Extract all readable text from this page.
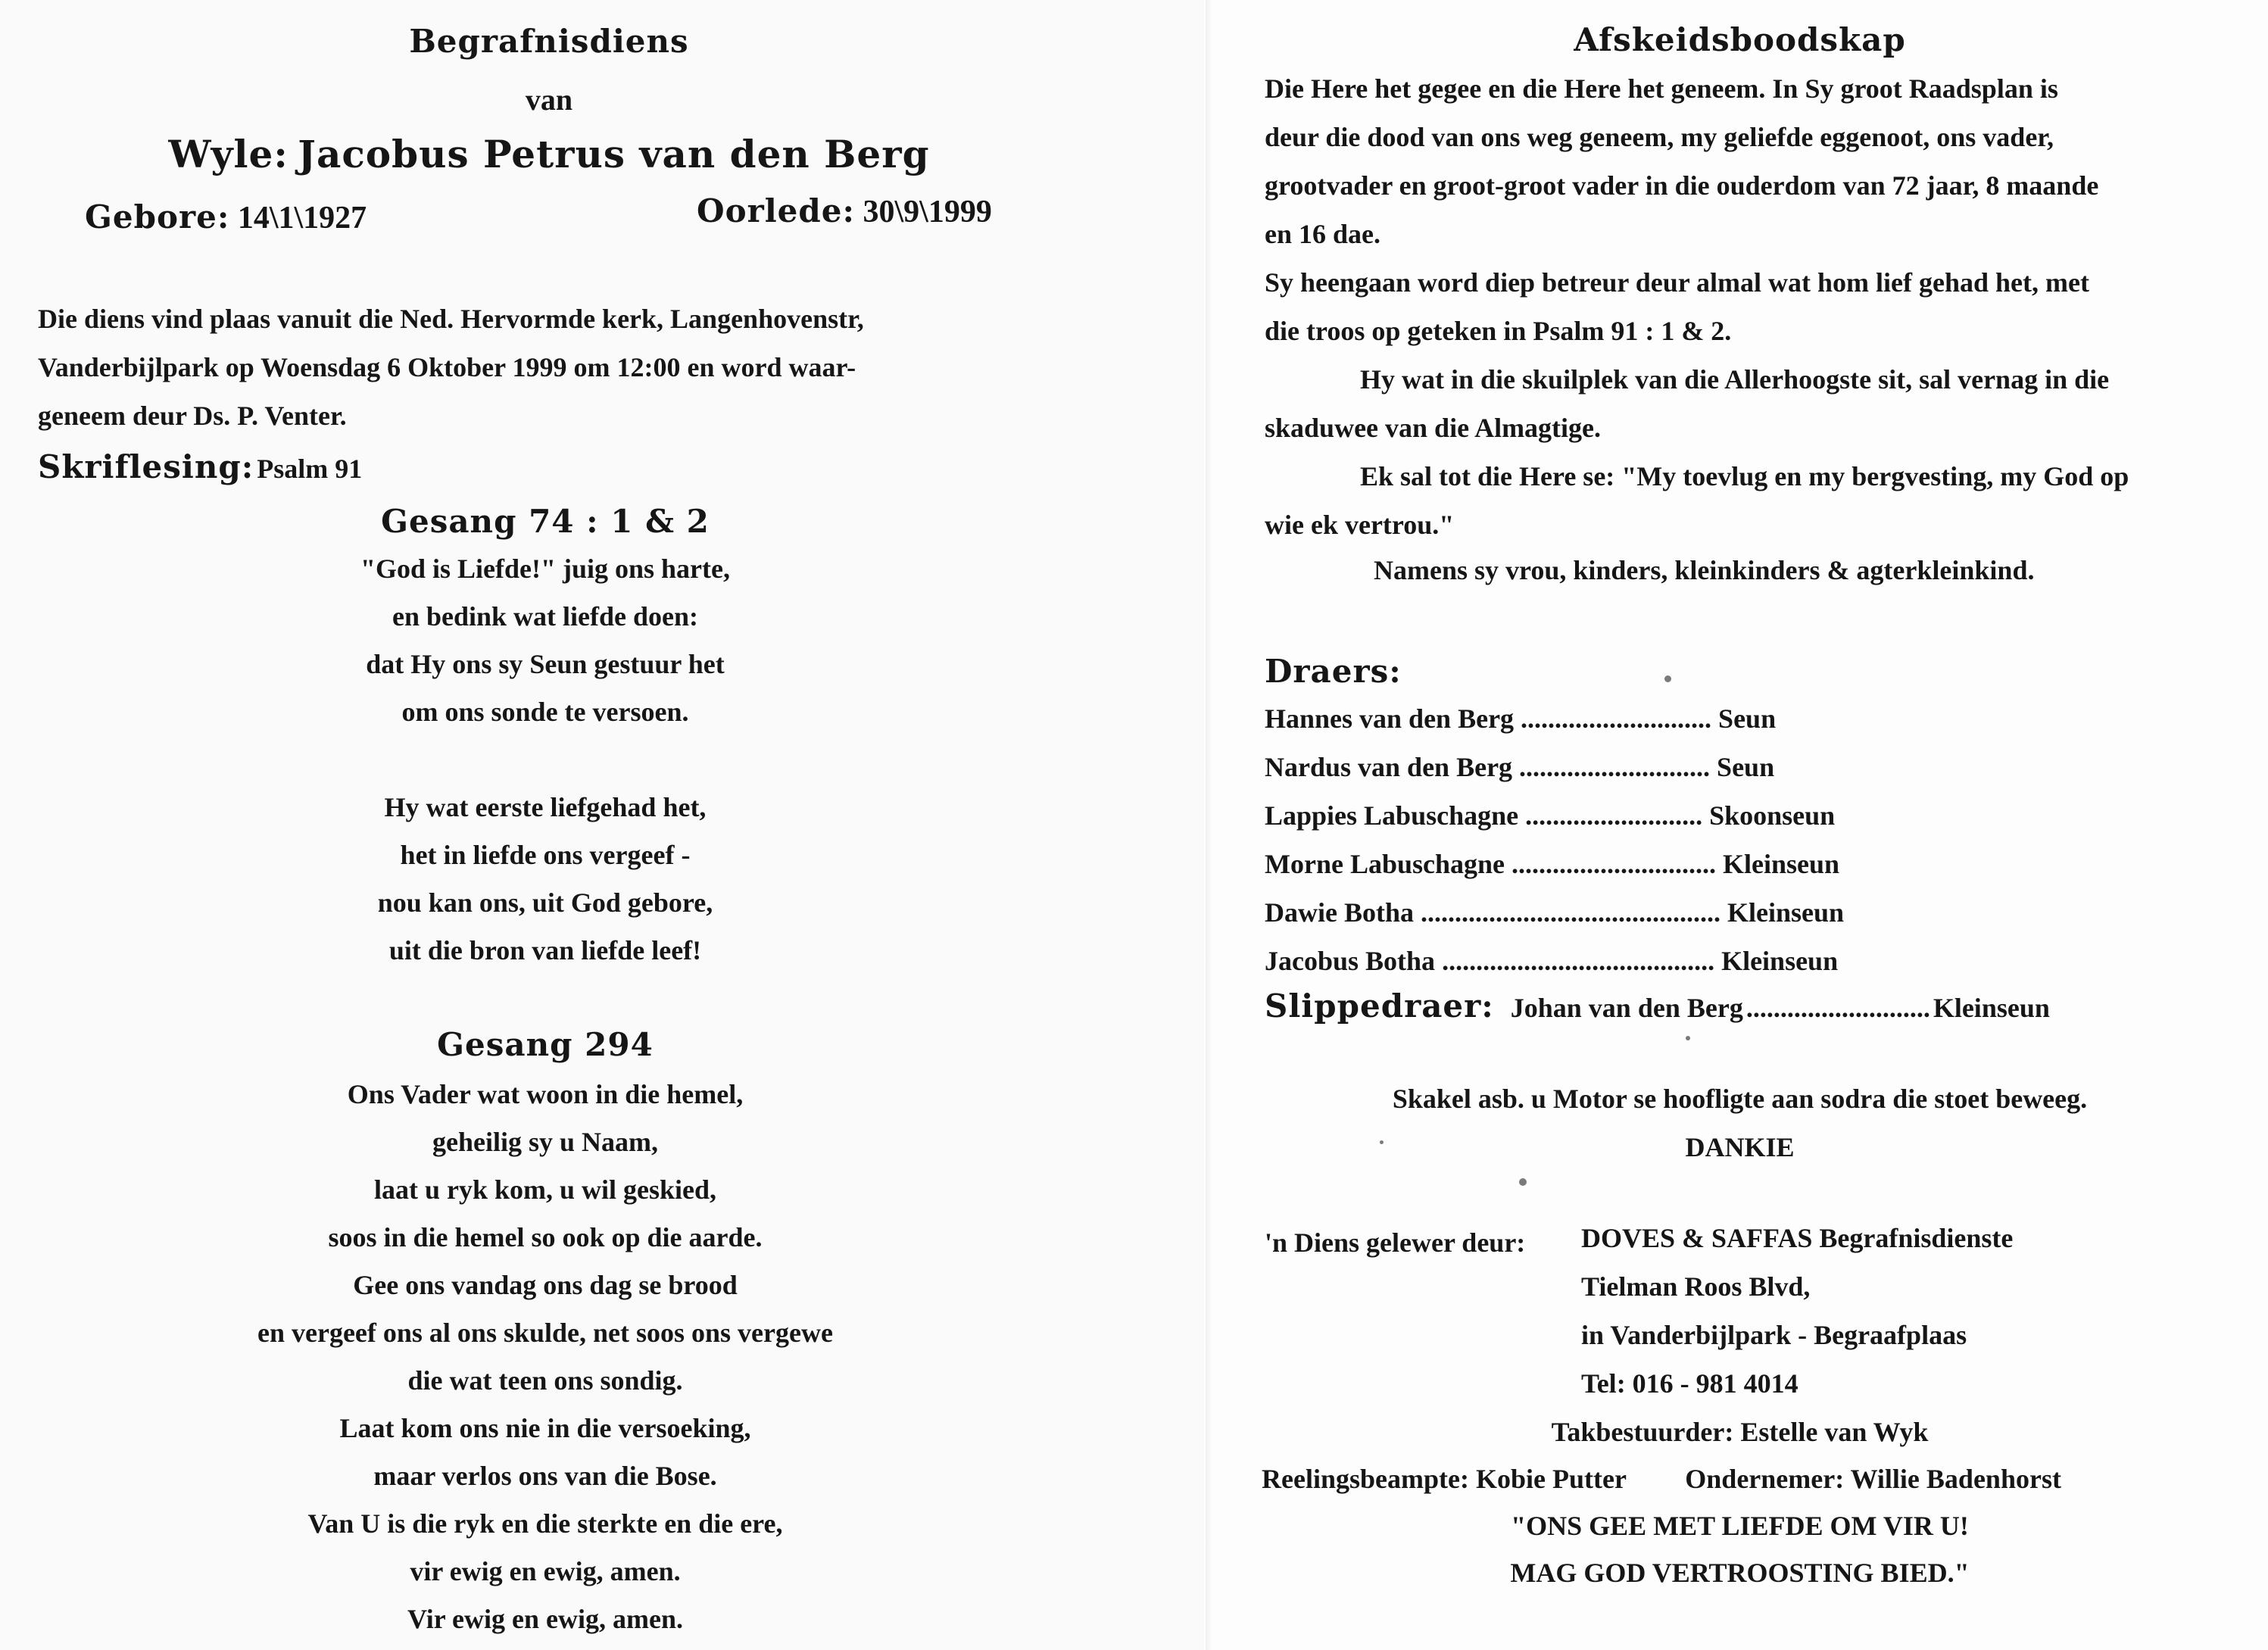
Begrafnisdiens
van
Wyle: Jacobus Petrus van den Berg
Gebore: 14\1\1927	Oorlede: 30\9\1999
Die diens vind plaas vanuit die Ned. Hervormde kerk, Langenhovenstr,
Vanderbijlpark op Woensdag 6 Oktober 1999 om 12:00 en word waar-
geneem deur Ds. P. Venter.
Skriflesing: Psalm 91
Gesang 74 : 1 & 2
"God is Liefde!" juig ons harte,
en bedink wat liefde doen:
dat Hy ons sy Seun gestuur het
om ons sonde te versoen.
Hy wat eerste liefgehad het,
het in liefde ons vergeef -
nou kan ons, uit God gebore,
uit die bron van liefde leef!
Gesang 294
Ons Vader wat woon in die hemel,
geheilig sy u Naam,
laat u ryk kom, u wil geskied,
soos in die hemel so ook op die aarde.
Gee ons vandag ons dag se brood
en vergeef ons al ons skulde, net soos ons vergewe
die wat teen ons sondig.
Laat kom ons nie in die versoeking,
maar verlos ons van die Bose.
Van U is die ryk en die sterkte en die ere,
vir ewig en ewig, amen.
Vir ewig en ewig, amen.
Afskeidsboodskap
Die Here het gegee en die Here het geneem. In Sy groot Raadsplan is
deur die dood van ons weg geneem, my geliefde eggenoot, ons vader,
grootvader en groot-groot vader in die ouderdom van 72 jaar, 8 maande
en 16 dae.
Sy heengaan word diep betreur deur almal wat hom lief gehad het, met
die troos op geteken in Psalm 91 : 1 & 2.
Hy wat in die skuilplek van die Allerhoogste sit, sal vernag in die
skaduwee van die Almagtige.
Ek sal tot die Here se: "My toevlug en my bergvesting, my God op
wie ek vertrou."
Namens sy vrou, kinders, kleinkinders & agterkleinkind.
Draers:
Hannes van den Berg ............................ Seun
Nardus van den Berg ............................ Seun
Lappies Labuschagne .......................... Skoonseun
Morne Labuschagne .............................. Kleinseun
Dawie Botha ............................................ Kleinseun
Jacobus Botha ........................................ Kleinseun
Slippedraer: Johan van den Berg ........................... Kleinseun
Skakel asb. u Motor se hoofligte aan sodra die stoet beweeg.
DANKIE
'n Diens gelewer deur: DOVES & SAFFAS Begrafnisdienste
Tielman Roos Blvd,
in Vanderbijlpark - Begraafplaas
Tel: 016 - 981 4014
Takbestuurder: Estelle van Wyk
Reelingsbeampte: Kobie Putter Ondernemer: Willie Badenhorst
"ONS GEE MET LIEFDE OM VIR U!
MAG GOD VERTROOSTING BIED."
